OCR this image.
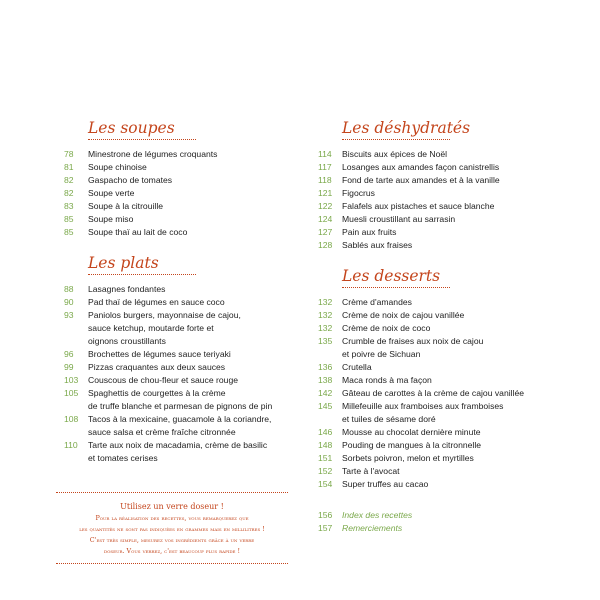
Les soupes
78	Minestrone de légumes croquants
81	Soupe chinoise
82	Gaspacho de tomates
82	Soupe verte
83	Soupe à la citrouille
85	Soupe miso
85	Soupe thaï au lait de coco
Les plats
88	Lasagnes fondantes
90	Pad thaï de légumes en sauce coco
93	Paniolos burgers, mayonnaise de cajou,
sauce ketchup, moutarde forte et
oignons croustillants
96	Brochettes de légumes sauce teriyaki
99	Pizzas craquantes aux deux sauces
103	Couscous de chou-fleur et sauce rouge
105	Spaghettis de courgettes à la crème
de truffe blanche et parmesan de pignons de pin
108	Tacos à la mexicaine, guacamole à la coriandre,
sauce salsa et crème fraîche citronnée
110	Tarte aux noix de macadamia, crème de basilic
et tomates cerises
Les déshydratés
114	Biscuits aux épices de Noël
117	Losanges aux amandes façon canistrellis
118	Fond de tarte aux amandes et à la vanille
121	Figocrus
122	Falafels aux pistaches et sauce blanche
124	Muesli croustillant au sarrasin
127	Pain aux fruits
128	Sablés aux fraises
Les desserts
132	Crème d'amandes
132	Crème de noix de cajou vanillée
132	Crème de noix de coco
135	Crumble de fraises aux noix de cajou
et poivre de Sichuan
136	Crutella
138	Maca ronds à ma façon
142	Gâteau de carottes à la crème de cajou vanillée
145	Millefeuille aux framboises aux framboises
et tuiles de sésame doré
146	Mousse au chocolat dernière minute
148	Pouding de mangues à la citronnelle
151	Sorbets poivron, melon et myrtilles
152	Tarte à l'avocat
154	Super truffes au cacao
156	Index des recettes
157	Remerciements
Utilisez un verre doseur !
Pour la réalisation des recettes, vous remarquerez que
les quantités ne sont pas indiquées en grammes mais en millilitres !
C'est très simple, mesurez vos ingrédients grâce à un verre
doseur. Vous verrez, c'est beaucoup plus rapide !
